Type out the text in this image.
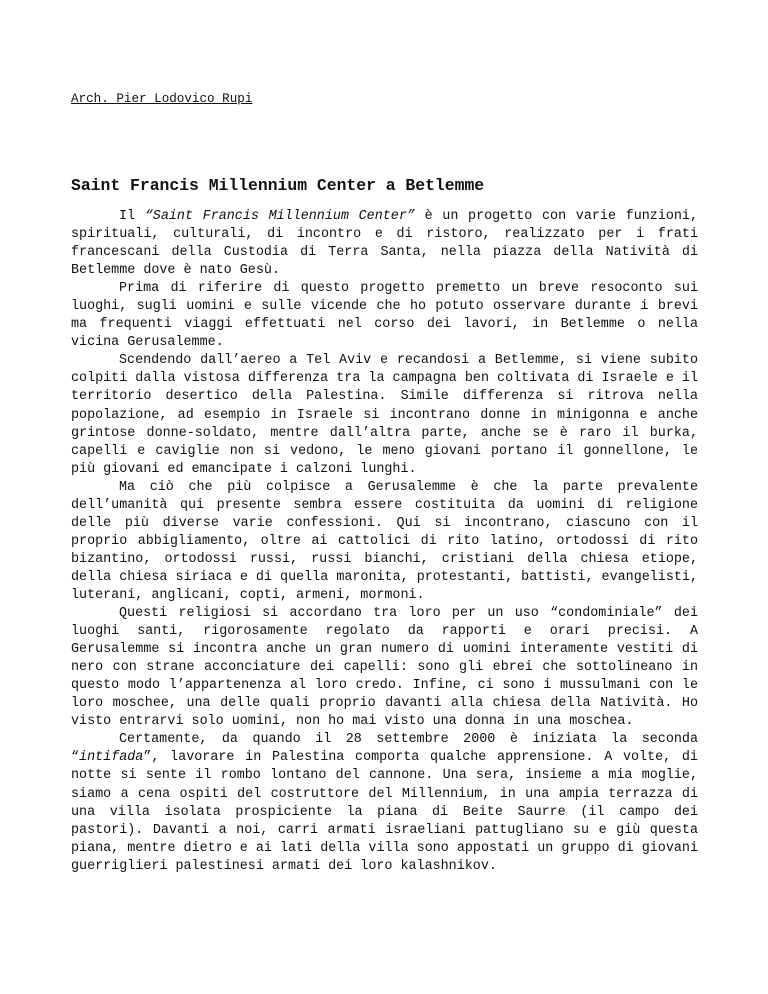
Arch. Pier Lodovico Rupi

Saint Francis Millennium Center a Betlemme

Il “Saint Francis Millennium Center” è un progetto con varie funzioni, spirituali, culturali, di incontro e di ristoro, realizzato per i frati francescani della Custodia di Terra Santa, nella piazza della Natività di Betlemme dove è nato Gesù.

Prima di riferire di questo progetto premetto un breve resoconto sui luoghi, sugli uomini e sulle vicende che ho potuto osservare durante i brevi ma frequenti viaggi effettuati nel corso dei lavori, in Betlemme o nella vicina Gerusalemme.

Scendendo dall’aereo a Tel Aviv e recandosi a Betlemme, si viene subito colpiti dalla vistosa differenza tra la campagna ben coltivata di Israele e il territorio desertico della Palestina. Simile differenza si ritrova nella popolazione, ad esempio in Israele si incontrano donne in minigonna e anche grintose donne-soldato, mentre dall’altra parte, anche se è raro il burka, capelli e caviglie non si vedono, le meno giovani portano il gonnellone, le più giovani ed emancipate i calzoni lunghi.

Ma ciò che più colpisce a Gerusalemme è che la parte prevalente dell’umanità qui presente sembra essere costituita da uomini di religione delle più diverse varie confessioni. Qui si incontrano, ciascuno con il proprio abbigliamento, oltre ai cattolici di rito latino, ortodossi di rito bizantino, ortodossi russi, russi bianchi, cristiani della chiesa etiope, della chiesa siriaca e di quella maronita, protestanti, battisti, evangelisti, luterani, anglicani, copti, armeni, mormoni.

Questi religiosi si accordano tra loro per un uso “condominiale” dei luoghi santi, rigorosamente regolato da rapporti e orari precisi. A Gerusalemme si incontra anche un gran numero di uomini interamente vestiti di nero con strane acconciature dei capelli: sono gli ebrei che sottolineano in questo modo l’appartenenza al loro credo. Infine, ci sono i mussulmani con le loro moschee, una delle quali proprio davanti alla chiesa della Natività. Ho visto entrarvi solo uomini, non ho mai visto una donna in una moschea.

Certamente, da quando il 28 settembre 2000 è iniziata la seconda “intifada”, lavorare in Palestina comporta qualche apprensione. A volte, di notte si sente il rombo lontano del cannone. Una sera, insieme a mia moglie, siamo a cena ospiti del costruttore del Millennium, in una ampia terrazza di una villa isolata prospiciente la piana di Beite Saurre (il campo dei pastori). Davanti a noi, carri armati israeliani pattugliano su e giù questa piana, mentre dietro e ai lati della villa sono appostati un gruppo di giovani guerriglieri palestinesi armati dei loro kalashnikov.
